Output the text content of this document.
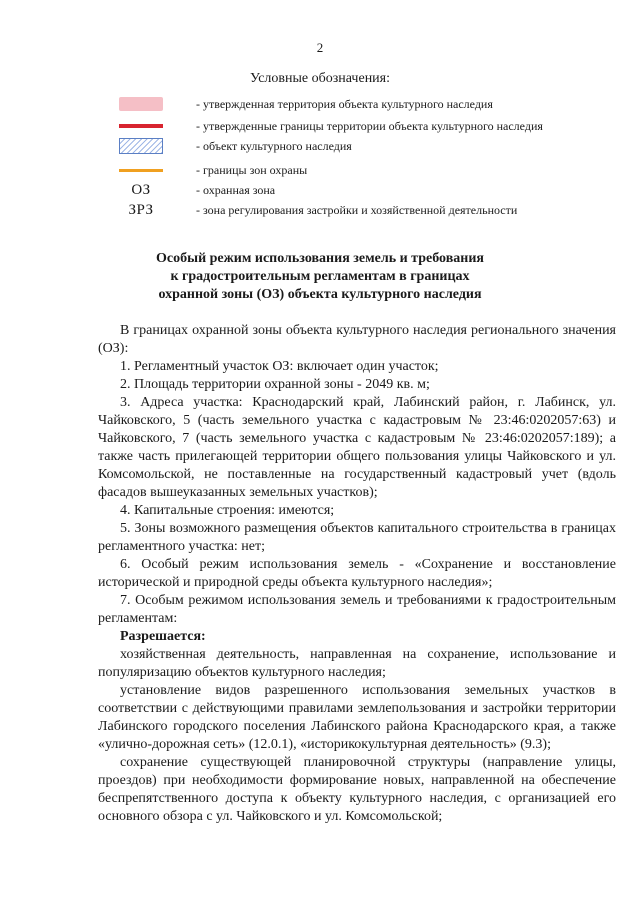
2
Условные обозначения:
- утвержденная территория объекта культурного наследия
- утвержденные границы территории объекта культурного наследия
- объект культурного наследия
- границы зон охраны
ОЗ	- охранная зона
ЗРЗ	- зона регулирования застройки и хозяйственной деятельности
Особый режим использования земель и требования
к градостроительным регламентам в границах
охранной зоны (ОЗ) объекта культурного наследия

В границах охранной зоны объекта культурного наследия регионального значения (ОЗ):

1. Регламентный участок ОЗ: включает один участок;

2. Площадь территории охранной зоны - 2049 кв. м;

3. Адреса участка: Краснодарский край, Лабинский район, г. Лабинск, ул. Чайковского, 5 (часть земельного участка с кадастровым № 23:46:0202057:63) и Чайковского, 7 (часть земельного участка с кадастровым № 23:46:0202057:189); а также часть прилегающей территории общего пользования улицы Чайковского и ул. Комсомольской, не поставленные на государственный кадастровый учет (вдоль фасадов вышеуказанных земельных участков);

4. Капитальные строения: имеются;

5. Зоны возможного размещения объектов капитального строительства в границах регламентного участка: нет;

6. Особый режим использования земель - «Сохранение и восстановление исторической и природной среды объекта культурного наследия»;

7. Особым режимом использования земель и требованиями к градостроительным регламентам:

Разрешается:

хозяйственная деятельность, направленная на сохранение, использование и популяризацию объектов культурного наследия;

установление видов разрешенного использования земельных участков в соответствии с действующими правилами землепользования и застройки территории Лабинского городского поселения Лабинского района Краснодарского края, а также «улично-дорожная сеть» (12.0.1), «историкокультурная деятельность» (9.3);

сохранение существующей планировочной структуры (направление улицы, проездов) при необходимости формирование новых, направленной на обеспечение беспрепятственного доступа к объекту культурного наследия, с организацией его основного обзора с ул. Чайковского и ул. Комсомольской;
